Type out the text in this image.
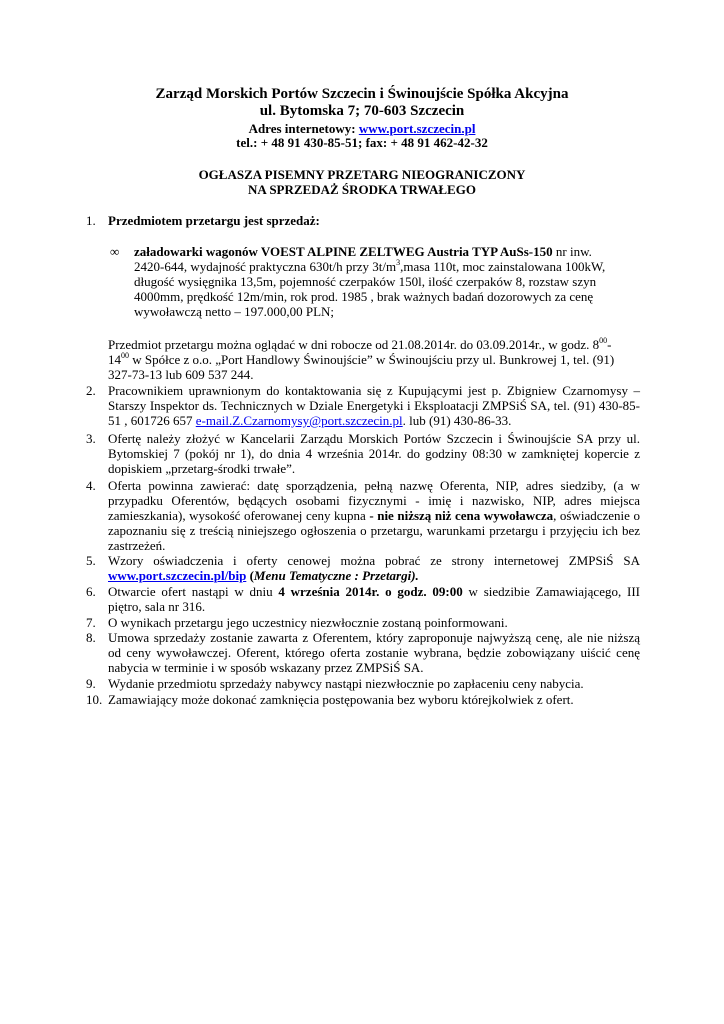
Zarząd Morskich Portów Szczecin i Świnoujście Spółka Akcyjna
ul. Bytomska 7; 70-603 Szczecin
Adres internetowy: www.port.szczecin.pl
tel.: + 48 91 430-85-51; fax: + 48 91 462-42-32
OGŁASZA PISEMNY PRZETARG NIEOGRANICZONY
NA SPRZEDAŻ ŚRODKA TRWAŁEGO
1. Przedmiotem przetargu jest sprzedaż:
∞ załadowarki wagonów VOEST ALPINE ZELTWEG Austria TYP AuSs-150 nr inw. 2420-644, wydajność praktyczna 630t/h przy $3t/m^3,masa$ 110t, moc zainstalowana 100kW, długość wysięgnika 13,5m, pojemność czerpaków 150l, ilość czerpaków 8, rozstaw szyn 4000mm, prędkość 12m/min, rok prod. 1985 , brak ważnych badań dozorowych za cenę wywoławczą netto – 197.000,00 PLN;
Przedmiot przetargu można oglądać w dni robocze od 21.08.2014r. do 03.09.2014r., w godz. $8^{00}-14^{00}$ w Spółce z o.o. „Port Handlowy Świnoujście” w Świnoujściu przy ul. Bunkrowej 1, tel. (91) 327-73-13 lub 609 537 244.
2. Pracownikiem uprawnionym do kontaktowania się z Kupującymi jest p. Zbigniew Czarnomysy – Starszy Inspektor ds. Technicznych w Dziale Energetyki i Eksploatacji ZMPSiŚ SA, tel. (91) 430-85-51 , 601726 657 e-mail.Z.Czarnomysy@port.szczecin.pl. lub (91) 430-86-33.
3. Ofertę należy złożyć w Kancelarii Zarządu Morskich Portów Szczecin i Świnoujście SA przy ul. Bytomskiej 7 (pokój nr 1), do dnia 4 września 2014r. do godziny 08:30 w zamkniętej kopercie z dopiskiem „przetarg-środki trwałe”.
4. Oferta powinna zawierać: datę sporządzenia, pełną nazwę Oferenta, NIP, adres siedziby, (a w przypadku Oferentów, będących osobami fizycznymi - imię i nazwisko, NIP, adres miejsca zamieszkania), wysokość oferowanej ceny kupna - nie niższą niż cena wywoławcza, oświadczenie o zapoznaniu się z treścią niniejszego ogłoszenia o przetargu, warunkami przetargu i przyjęciu ich bez zastrzeżeń.
5. Wzory oświadczenia i oferty cenowej można pobrać ze strony internetowej ZMPSiŚ SA www.port.szczecin.pl/bip (Menu Tematyczne : Przetargi).
6. Otwarcie ofert nastąpi w dniu 4 września 2014r. o godz. 09:00 w siedzibie Zamawiającego, III piętro, sala nr 316.
7. O wynikach przetargu jego uczestnicy niezwłocznie zostaną poinformowani.
8. Umowa sprzedaży zostanie zawarta z Oferentem, który zaproponuje najwyższą cenę, ale nie niższą od ceny wywoławczej. Oferent, którego oferta zostanie wybrana, będzie zobowiązany uiścić cenę nabycia w terminie i w sposób wskazany przez ZMPSiŚ SA.
9. Wydanie przedmiotu sprzedaży nabywcy nastąpi niezwłocznie po zapłaceniu ceny nabycia.
10. Zamawiający może dokonać zamknięcia postępowania bez wyboru którejkolwiek z ofert.
